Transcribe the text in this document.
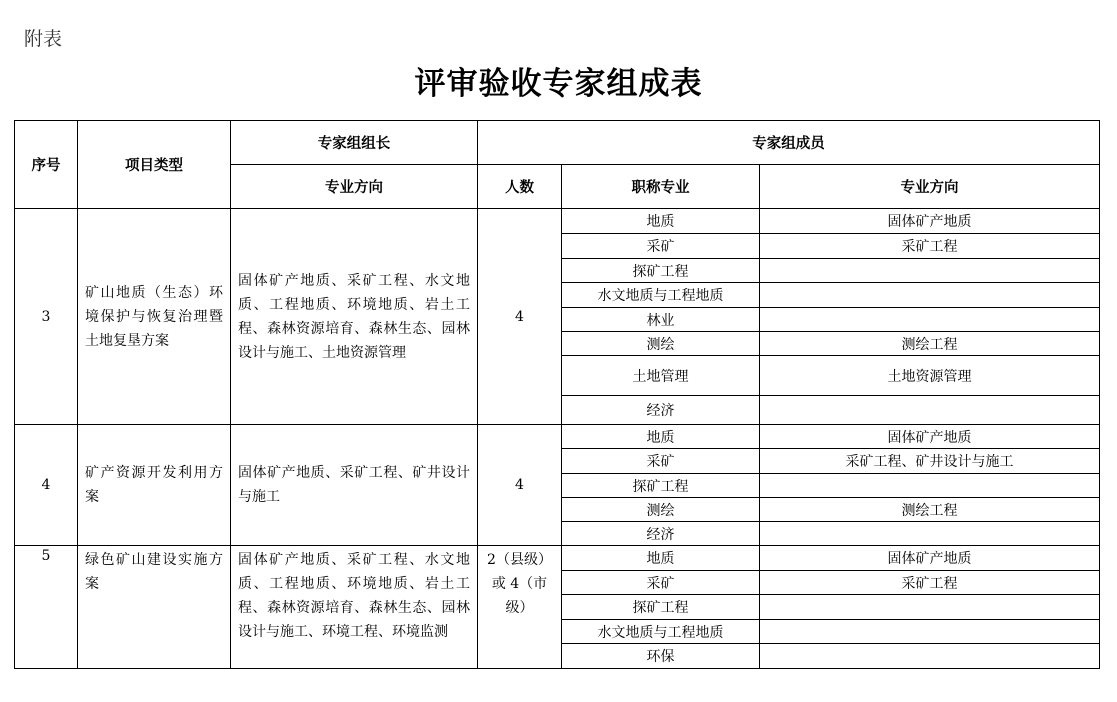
附表
评审验收专家组成表
序号	项目类型	专家组组长	专家组成员		
		专业方向	人数	职称专业	专业方向
3	矿山地质（生态）环境保护与恢复治理暨土地复垦方案	固体矿产地质、采矿工程、水文地质、工程地质、环境地质、岩土工程、森林资源培育、森林生态、园林设计与施工、土地资源管理	4	地质	固体矿产地质
				采矿	采矿工程
				探矿工程	
				水文地质与工程地质	
				林业	
				测绘	测绘工程
				土地管理	土地资源管理
				经济	
4	矿产资源开发利用方案	固体矿产地质、采矿工程、矿井设计与施工	4	地质	固体矿产地质
				采矿	采矿工程、矿井设计与施工
				探矿工程	
				测绘	测绘工程
				经济	
5	绿色矿山建设实施方案	固体矿产地质、采矿工程、水文地质、工程地质、环境地质、岩土工程、森林资源培育、森林生态、园林设计与施工、环境工程、环境监测	2（县级）或 4（市级）	地质	固体矿产地质
				采矿	采矿工程
				探矿工程	
				水文地质与工程地质	
				环保	
